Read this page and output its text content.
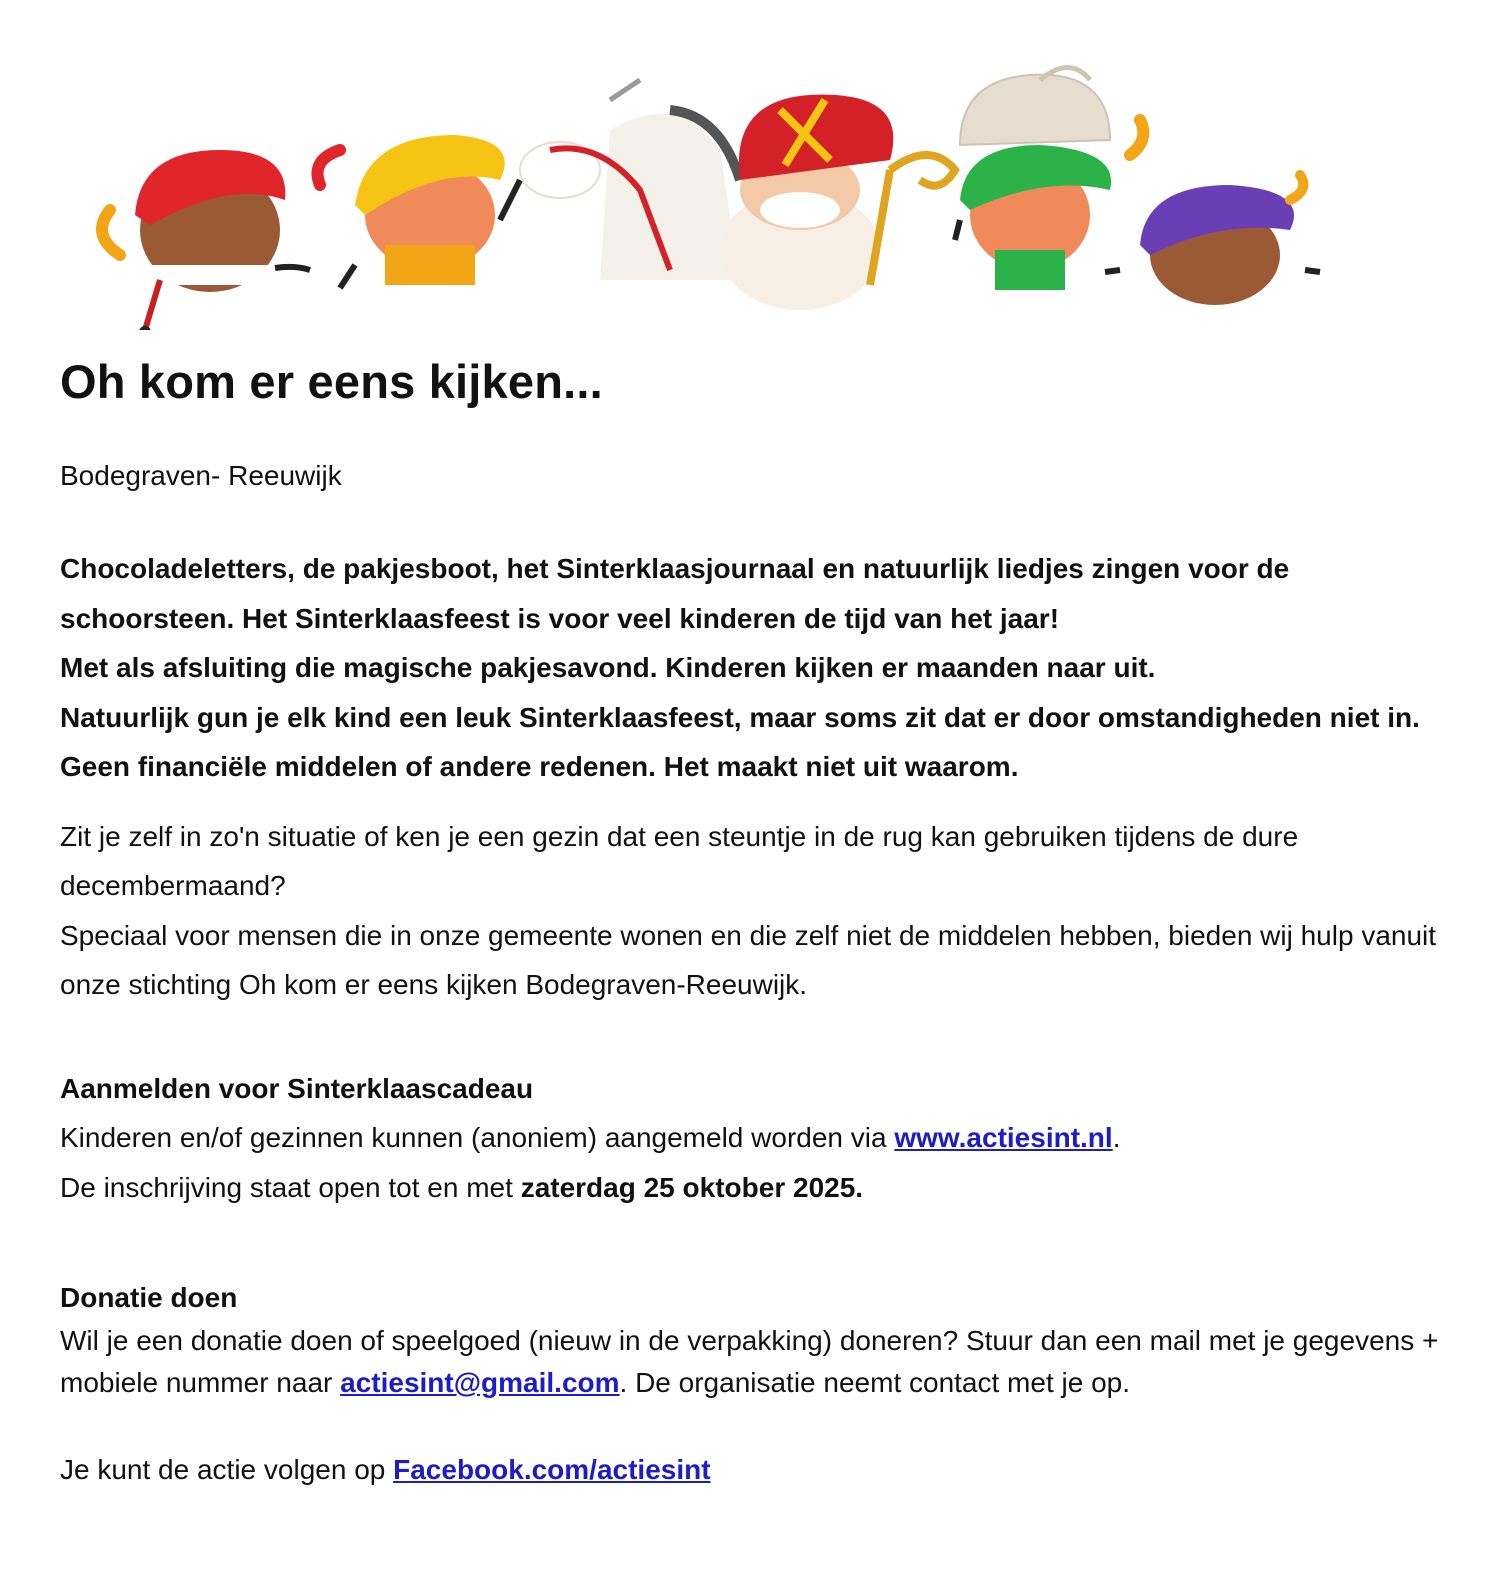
Oh kom er eens kijken...
Bodegraven- Reeuwijk
Chocoladeletters, de pakjesboot, het Sinterklaasjournaal en natuurlijk liedjes zingen voor de schoorsteen. Het Sinterklaasfeest is voor veel kinderen de tijd van het jaar!
Met als afsluiting die magische pakjesavond. Kinderen kijken er maanden naar uit.
Natuurlijk gun je elk kind een leuk Sinterklaasfeest, maar soms zit dat er door omstandigheden niet in. Geen financiële middelen of andere redenen. Het maakt niet uit waarom.
Zit je zelf in zo'n situatie of ken je een gezin dat een steuntje in de rug kan gebruiken tijdens de dure decembermaand?
Speciaal voor mensen die in onze gemeente wonen en die zelf niet de middelen hebben, bieden wij hulp vanuit onze stichting Oh kom er eens kijken Bodegraven-Reeuwijk.
Aanmelden voor Sinterklaascadeau
Kinderen en/of gezinnen kunnen (anoniem) aangemeld worden via www.actiesint.nl.
De inschrijving staat open tot en met zaterdag 25 oktober 2025.
Donatie doen
Wil je een donatie doen of speelgoed (nieuw in de verpakking) doneren? Stuur dan een mail met je gegevens + mobiele nummer naar actiesint@gmail.com. De organisatie neemt contact met je op.
Je kunt de actie volgen op Facebook.com/actiesint
